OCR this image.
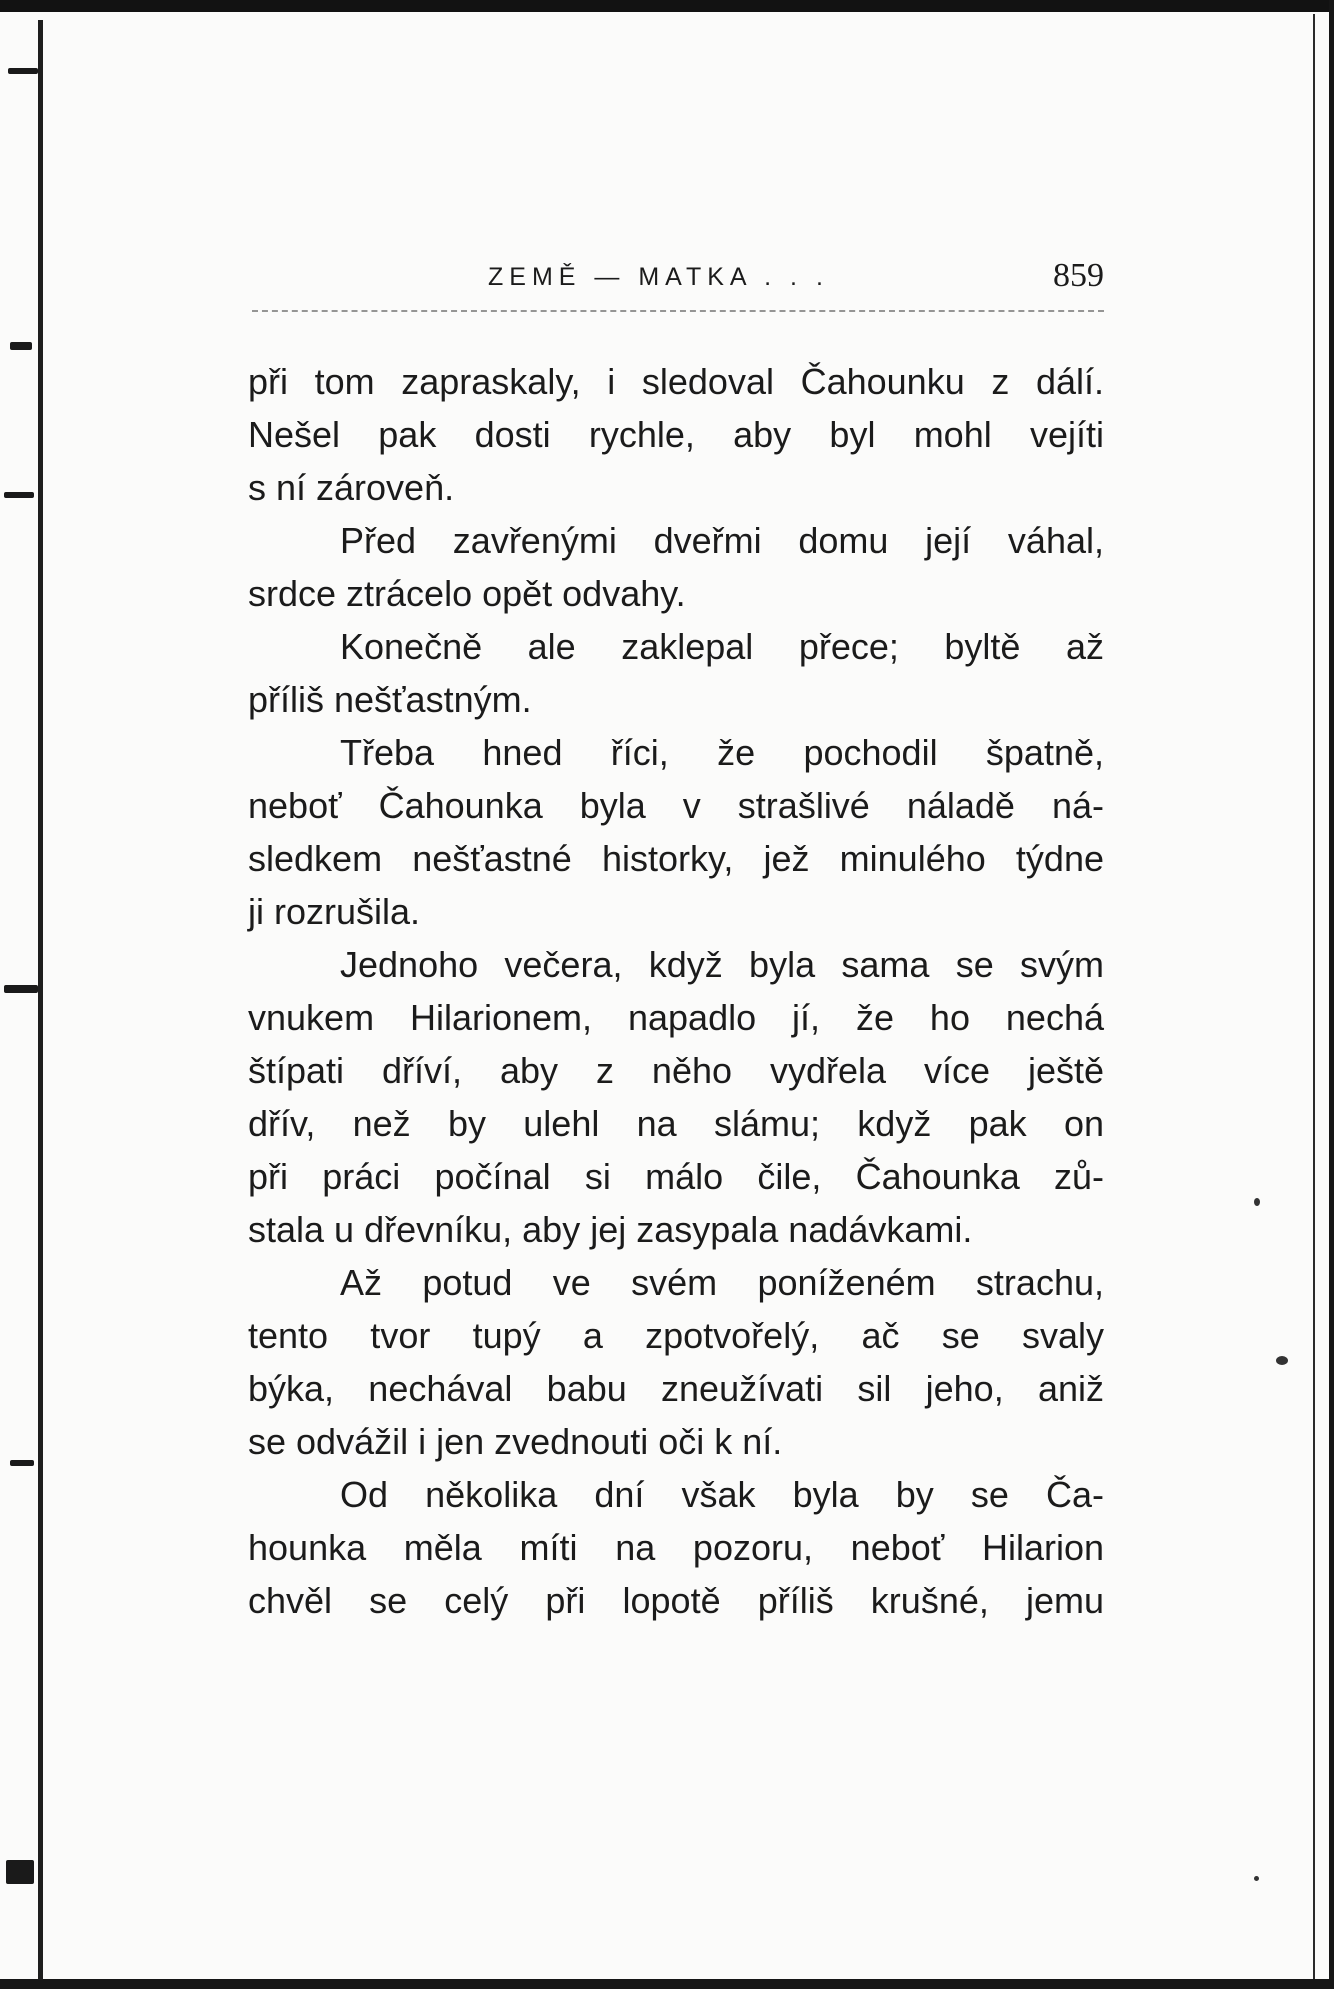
ZEMĚ — MATKA . . .	859

při tom zapraskaly, i sledoval Čahounku z dálí.
Nešel pak dosti rychle, aby byl mohl vejíti
s ní zároveň.

Před zavřenými dveřmi domu její váhal,
srdce ztrácelo opět odvahy.

Konečně ale zaklepal přece; byltě až
příliš nešťastným.

Třeba hned říci, že pochodil špatně,
neboť Čahounka byla v strašlivé náladě ná-
sledkem nešťastné historky, jež minulého týdne
ji rozrušila.

Jednoho večera, když byla sama se svým
vnukem Hilarionem, napadlo jí, že ho nechá
štípati dříví, aby z něho vydřela více ještě
dřív, než by ulehl na slámu; když pak on
při práci počínal si málo čile, Čahounka zů-
stala u dřevníku, aby jej zasypala nadávkami.

Až potud ve svém poníženém strachu,
tento tvor tupý a zpotvořelý, ač se svaly
býka, nechával babu zneužívati sil jeho, aniž
se odvážil i jen zvednouti oči k ní.

Od několika dní však byla by se Ča-
hounka měla míti na pozoru, neboť Hilarion
chvěl se celý při lopotě příliš krušné, jemu
